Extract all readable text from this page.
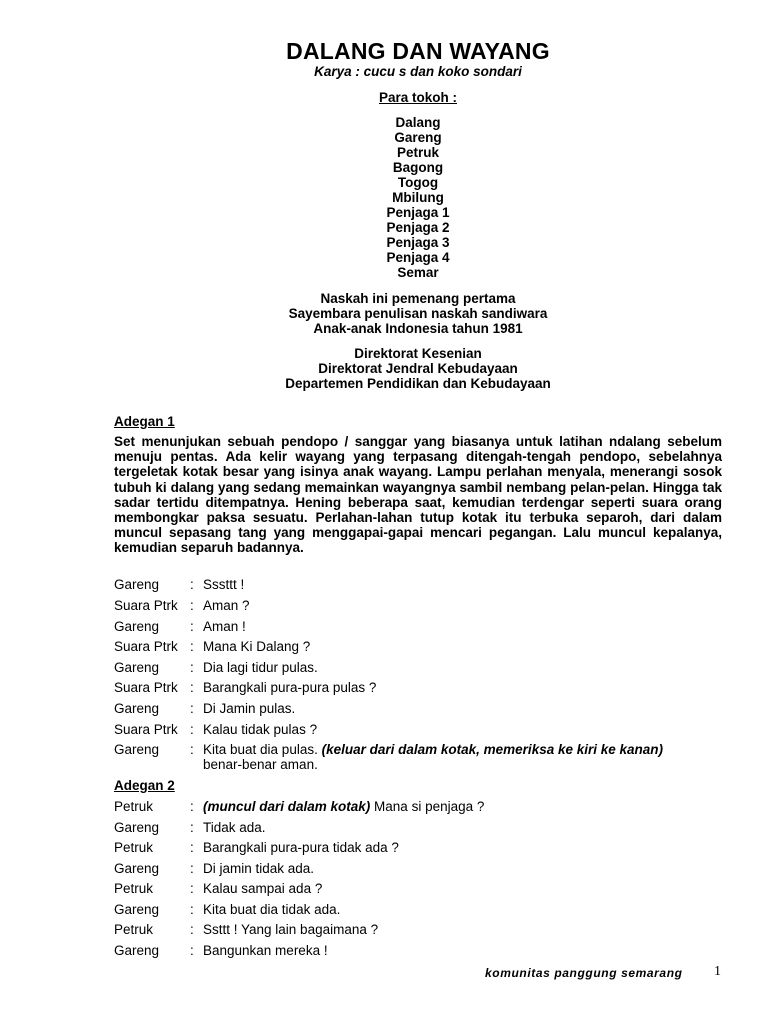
DALANG DAN WAYANG
Karya : cucu s dan koko sondari
Para tokoh :
Dalang
Gareng
Petruk
Bagong
Togog
Mbilung
Penjaga 1
Penjaga 2
Penjaga 3
Penjaga 4
Semar
Naskah ini pemenang pertama
Sayembara penulisan naskah sandiwara
Anak-anak Indonesia tahun 1981
Direktorat Kesenian
Direktorat Jendral Kebudayaan
Departemen Pendidikan dan Kebudayaan
Adegan 1
Set menunjukan sebuah pendopo / sanggar yang biasanya untuk latihan ndalang sebelum menuju pentas. Ada kelir wayang yang terpasang ditengah-tengah pendopo, sebelahnya tergeletak kotak besar yang isinya anak wayang. Lampu perlahan menyala, menerangi sosok tubuh ki dalang yang sedang memainkan wayangnya sambil nembang pelan-pelan. Hingga tak sadar tertidu ditempatnya. Hening beberapa saat, kemudian terdengar seperti suara orang membongkar paksa sesuatu. Perlahan-lahan tutup kotak itu terbuka separoh, dari dalam muncul sepasang tang yang menggapai-gapai mencari pegangan. Lalu muncul kepalanya, kemudian separuh badannya.
Gareng : Sssttt !
Suara Ptrk : Aman ?
Gareng : Aman !
Suara Ptrk : Mana Ki Dalang ?
Gareng : Dia lagi tidur pulas.
Suara Ptrk : Barangkali pura-pura pulas ?
Gareng : Di Jamin pulas.
Suara Ptrk : Kalau tidak pulas ?
Gareng : Kita buat dia pulas. (keluar dari dalam kotak, memeriksa ke kiri ke kanan)
benar-benar aman.
Adegan 2
Petruk	: (muncul dari dalam kotak) Mana si penjaga ?
Gareng : Tidak ada.
Petruk	: Barangkali pura-pura tidak ada ?
Gareng : Di jamin tidak ada.
Petruk	: Kalau sampai ada ?
Gareng : Kita buat dia tidak ada.
Petruk	: Ssttt ! Yang lain bagaimana ?
Gareng : Bangunkan mereka !
komunitas panggung semarang 1
